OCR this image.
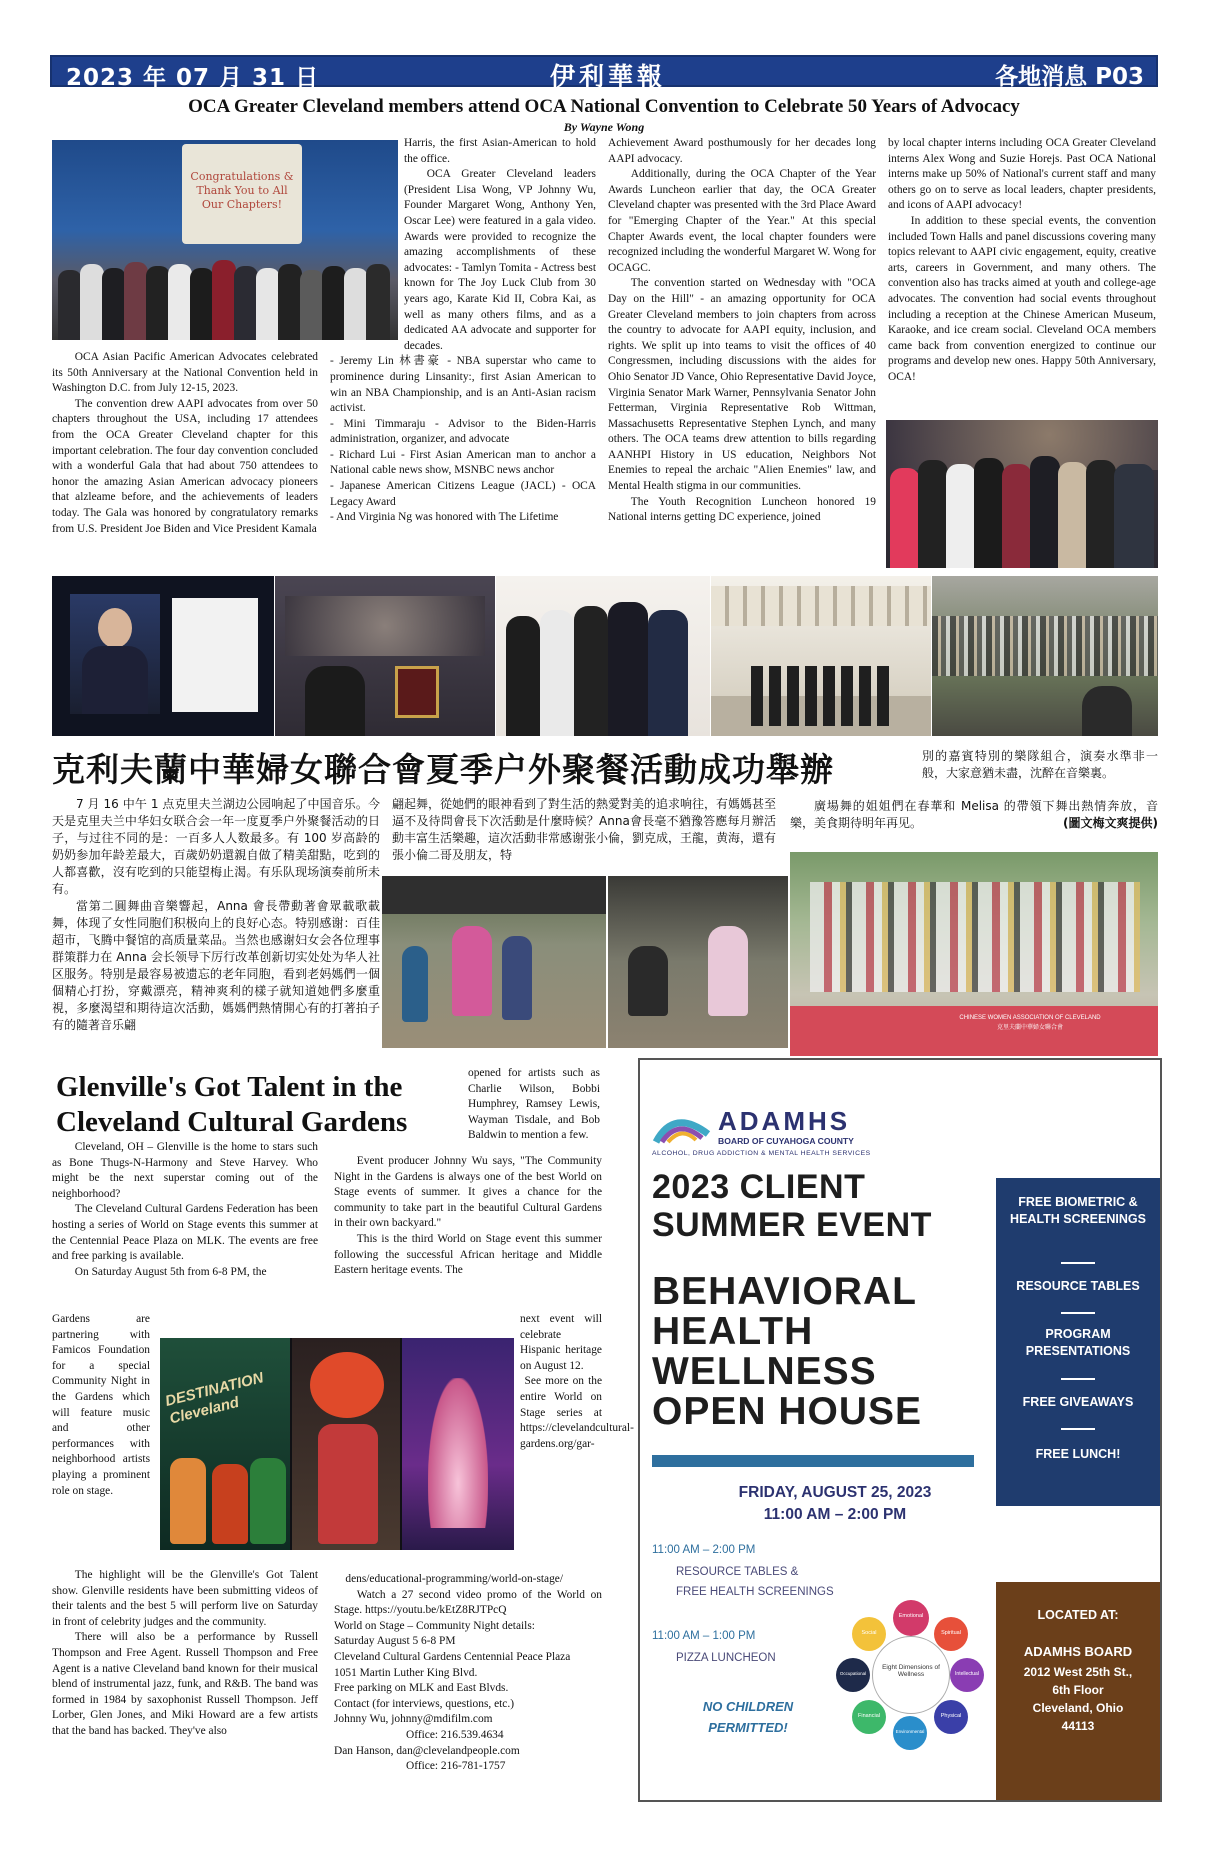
2023 年 07 月 31 日	伊利華報	各地消息 P03
OCA Greater Cleveland members attend OCA National Convention to Celebrate 50 Years of Advocacy
By Wayne Wong
Congratulations & Thank You to All Our Chapters!

OCA Asian Pacific American Advocates celebrated its 50th Anniversary at the National Convention held in Washington D.C. from July 12-15, 2023.

The convention drew AAPI advocates from over 50 chapters throughout the USA, including 17 attendees from the OCA Greater Cleveland chapter for this important celebration. The four day convention concluded with a wonderful Gala that had about 750 attendees to honor the amazing Asian American advocacy pioneers that alzleame before, and the achievements of leaders today. The Gala was honored by congratulatory remarks from U.S. President Joe Biden and Vice President Kamala

Harris, the first Asian-American to hold the office.

OCA Greater Cleveland leaders (President Lisa Wong, VP Johnny Wu, Founder Margaret Wong, Anthony Yen, Oscar Lee) were featured in a gala video. Awards were provided to recognize the amazing accomplishments of these advocates: - Tamlyn Tomita - Actress best known for The Joy Luck Club from 30 years ago, Karate Kid II, Cobra Kai, as well as many others films, and as a dedicated AA advocate and supporter for decades.

- Jeremy Lin 林書豪 - NBA superstar who came to prominence during Linsanity:, first Asian American to win an NBA Championship, and is an Anti-Asian racism activist.

- Mini Timmaraju - Advisor to the Biden-Harris administration, organizer, and advocate

- Richard Lui - First Asian American man to anchor a National cable news show, MSNBC news anchor

- Japanese American Citizens League (JACL) - OCA Legacy Award

- And Virginia Ng was honored with The Lifetime

Achievement Award posthumously for her decades long AAPI advocacy.

Additionally, during the OCA Chapter of the Year Awards Luncheon earlier that day, the OCA Greater Cleveland chapter was presented with the 3rd Place Award for "Emerging Chapter of the Year." At this special Chapter Awards event, the local chapter founders were recognized including the wonderful Margaret W. Wong for OCAGC.

The convention started on Wednesday with "OCA Day on the Hill" - an amazing opportunity for OCA Greater Cleveland members to join chapters from across the country to advocate for AAPI equity, inclusion, and rights. We split up into teams to visit the offices of 40 Congressmen, including discussions with the aides for Ohio Senator JD Vance, Ohio Representative David Joyce, Virginia Senator Mark Warner, Pennsylvania Senator John Fetterman, Virginia Representative Rob Wittman, Massachusetts Representative Stephen Lynch, and many others. The OCA teams drew attention to bills regarding AANHPI History in US education, Neighbors Not Enemies to repeal the archaic "Alien Enemies" law, and Mental Health stigma in our communities.

The Youth Recognition Luncheon honored 19 National interns getting DC experience, joined

by local chapter interns including OCA Greater Cleveland interns Alex Wong and Suzie Horejs. Past OCA National interns make up 50% of National's current staff and many others go on to serve as local leaders, chapter presidents, and icons of AAPI advocacy!

In addition to these special events, the convention included Town Halls and panel discussions covering many topics relevant to AAPI civic engagement, equity, creative arts, careers in Government, and many others. The convention also has tracks aimed at youth and college-age advocates. The convention had social events throughout including a reception at the Chinese American Museum, Karaoke, and ice cream social. Cleveland OCA members came back from convention energized to continue our programs and develop new ones. Happy 50th Anniversary, OCA!

克利夫蘭中華婦女聯合會夏季户外聚餐活動成功舉辦

7 月 16 中午 1 点克里夫兰湖边公园响起了中国音乐。今天是克里夫兰中华妇女联合会一年一度夏季户外聚餐活动的日子，与过往不同的是：一百多人人数最多。有 100 岁高龄的奶奶参加年龄差最大，百歲奶奶還親自做了精美甜點，吃到的人都喜歡，沒有吃到的只能望梅止渴。有乐队现场演奏前所未有。

當第二圓舞曲音樂響起，Anna 會長帶動著會眾載歌載舞，体现了女性同胞们积极向上的良好心态。特别感谢：百佳超市，飞腾中餐馆的高质量菜品。当然也感谢妇女会各位理事群策群力在 Anna 会长领导下厉行改革创新切实处处为华人社区服务。特别是最容易被遗忘的老年同胞，看到老妈媽們一個個精心打扮，穿戴漂亮，精神爽利的樣子就知道她們多麼重視，多麼渴望和期待這次活動，媽媽們熱情開心有的打著拍子有的隨著音乐翩

翩起舞，從她們的眼神看到了對生活的熱愛對美的追求响往，有媽媽甚至逼不及待問會長下次活動是什麼時候？Anna會長毫不猶豫答應每月辦活動丰富生活樂趣，這次活動非常感谢张小倫，劉克成，王龍，黄海，還有張小倫二哥及朋友，特

別的嘉賓特別的樂隊組合，演奏水準非一般，大家意猶未盡，沈醉在音樂裏。

廣場舞的姐姐們在春華和 Melisa 的帶領下舞出熱情奔放，音樂，美食期待明年再见。	(圖文梅文爽提供)

CHINESE WOMEN ASSOCIATION OF CLEVELAND
克里夫蘭中華婦女聯合會
Glenville's Got Talent in the Cleveland Cultural Gardens

opened for artists such as Charlie Wilson, Bobbi Humphrey, Ramsey Lewis, Wayman Tisdale, and Bob Baldwin to mention a few.

Cleveland, OH – Glenville is the home to stars such as Bone Thugs-N-Harmony and Steve Harvey. Who might be the next superstar coming out of the neighborhood?

The Cleveland Cultural Gardens Federation has been hosting a series of World on Stage events this summer at the Centennial Peace Plaza on MLK. The events are free and free parking is available.

On Saturday August 5th from 6-8 PM, the

Gardens are partnering with Famicos Foundation for a special Community Night in the Gardens which will feature music and other performances with neighborhood artists playing a prominent role on stage.

The highlight will be the Glenville's Got Talent show. Glenville residents have been submitting videos of their talents and the best 5 will perform live on Saturday in front of celebrity judges and the community.

There will also be a performance by Russell Thompson and Free Agent. Russell Thompson and Free Agent is a native Cleveland band known for their musical blend of instrumental jazz, funk, and R&B. The band was formed in 1984 by saxophonist Russell Thompson. Jeff Lorber, Glen Jones, and Miki Howard are a few artists that the band has backed. They've also

Event producer Johnny Wu says, "The Community Night in the Gardens is always one of the best World on Stage events of summer. It gives a chance for the community to take part in the beautiful Cultural Gardens in their own backyard."

This is the third World on Stage event this summer following the successful African heritage and Middle Eastern heritage events. The

next event will celebrate Hispanic heritage on August 12.

See more on the entire World on Stage series at https://clevelandcultural-gardens.org/gar-

dens/educational-programming/world-on-stage/

Watch a 27 second video promo of the World on Stage. https://youtu.be/kEtZ8RJTPcQ

World on Stage – Community Night details:

Saturday August 5 6-8 PM

Cleveland Cultural Gardens Centennial Peace Plaza

1051 Martin Luther King Blvd.

Free parking on MLK and East Blvds.

Contact (for interviews, questions, etc.)

Johnny Wu, johnny@mdifilm.com

Office: 216.539.4634

Dan Hanson, dan@clevelandpeople.com

Office: 216-781-1757

DESTINATION Cleveland
ADAMHS
BOARD OF CUYAHOGA COUNTY
ALCOHOL, DRUG ADDICTION & MENTAL HEALTH SERVICES
2023 CLIENT
SUMMER EVENT
BEHAVIORAL
HEALTH
WELLNESS
OPEN HOUSE
FREE BIOMETRIC & HEALTH SCREENINGS
RESOURCE TABLES
PROGRAM PRESENTATIONS
FREE GIVEAWAYS
FREE LUNCH!
FRIDAY, AUGUST 25, 2023
11:00 AM – 2:00 PM
11:00 AM – 2:00 PM
RESOURCE TABLES &
FREE HEALTH SCREENINGS
11:00 AM – 1:00 PM
PIZZA LUNCHEON
NO CHILDREN
PERMITTED!
Eight Dimensions of Wellness
Emotional
Spiritual
Intellectual
Physical
Environmental
Financial
Occupational
Social
LOCATED AT:
ADAMHS BOARD
2012 West 25th St.,
6th Floor
Cleveland, Ohio
44113
